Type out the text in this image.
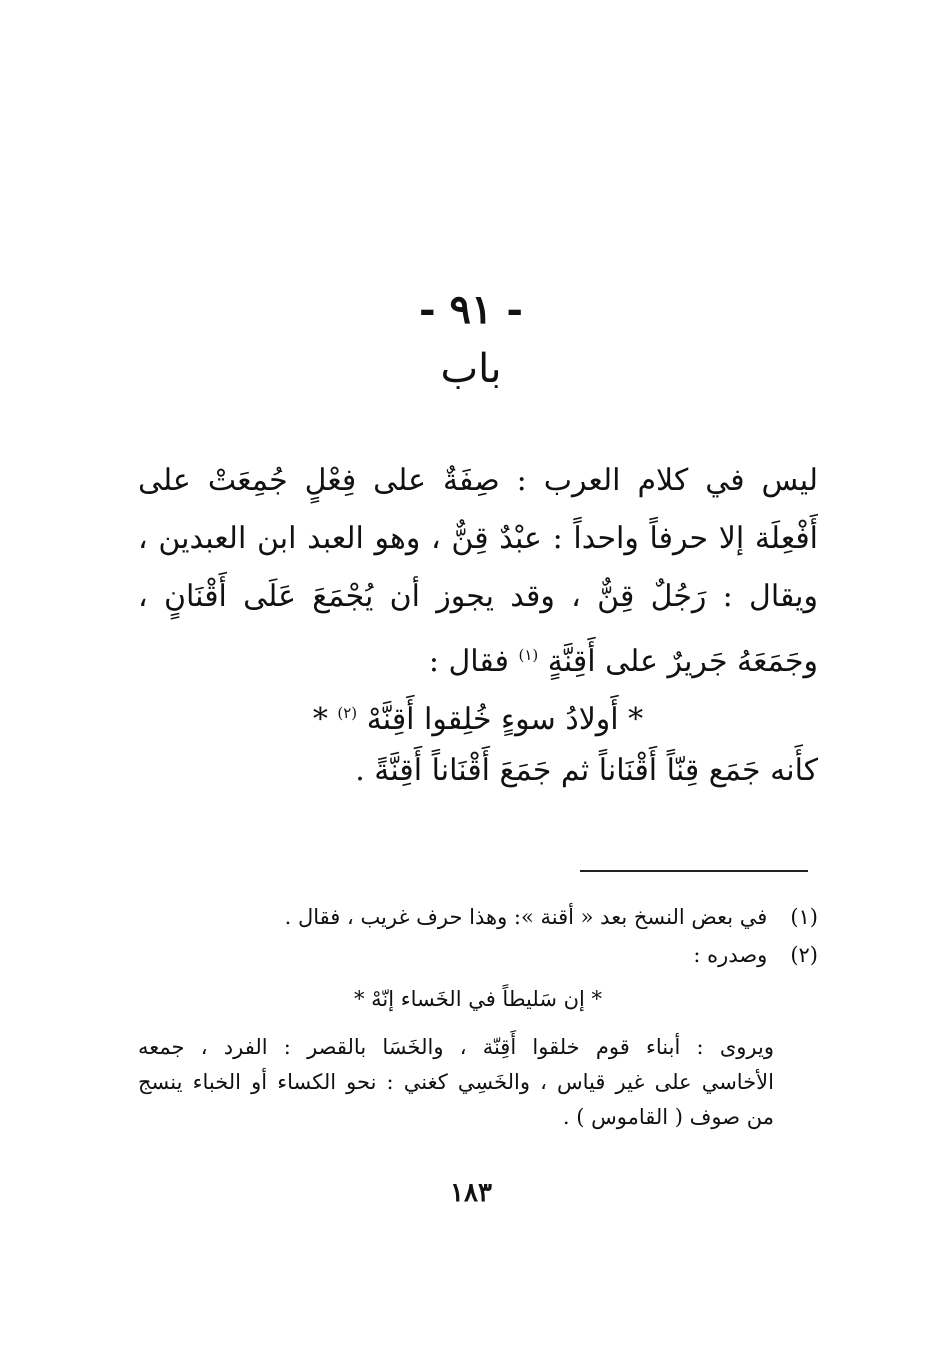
- ٩١ -
باب
ليس في كلام العرب : صِفَةٌ على فِعْلٍ جُمِعَتْ على
أَفْعِلَة إلا حرفاً واحداً : عبْدٌ قِنٌّ ، وهو العبد ابن العبدين ،
ويقال : رَجُلٌ قِنٌّ ، وقد يجوز أن يُجْمَعَ عَلَى أَقْنَانٍ ،
وجَمَعَهُ جَريرٌ على أَقِنَّةٍ $^{(١)}$ فقال :
* أَولادُ سوءٍ خُلِقوا أَقِنَّهْ $^{(٢)}$ *
كأَنه جَمَع قِنّاً أَقْنَاناً ثم جَمَعَ أَقْنَاناً أَقِنَّةً .
(١) في بعض النسخ بعد « أقنة »: وهذا حرف غريب ، فقال .
(٢) وصدره :
* إن سَليطاً في الخَساء إنّهْ *
ويروى : أبناء قوم خلقوا أَقِنّة ، والخَسَا بالقصر : الفرد ، جمعه
الأخاسي على غير قياس ، والخَسِي كغني : نحو الكساء أو الخباء ينسج
من صوف ( القاموس ) .
١٨٣
